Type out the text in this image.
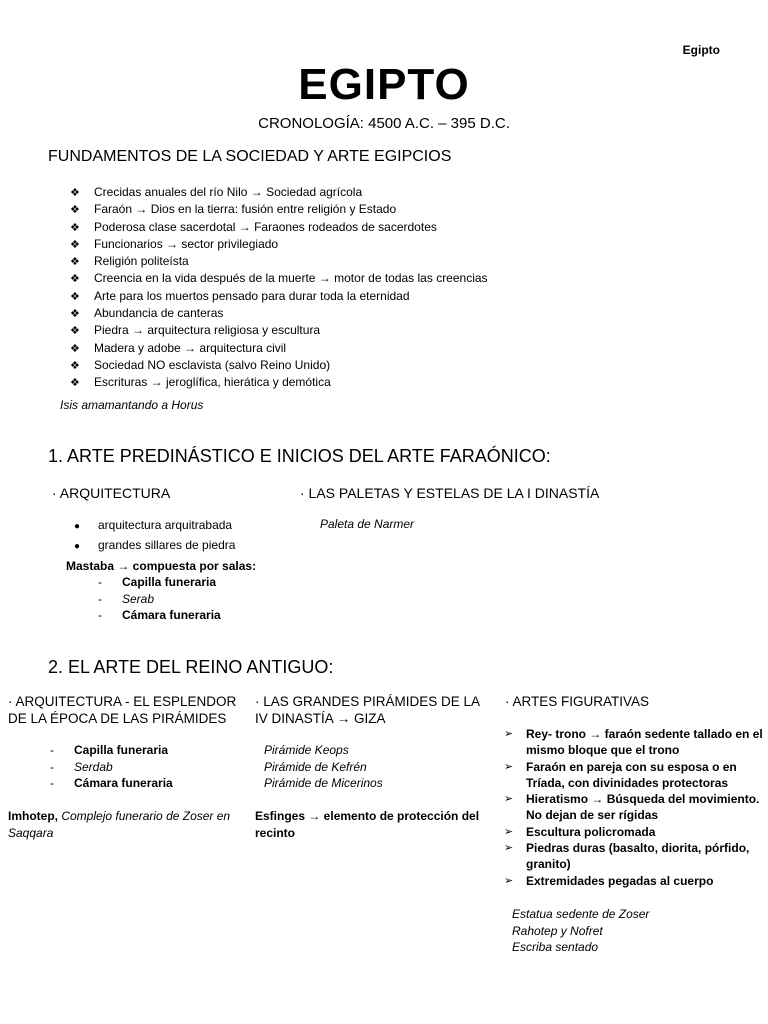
Egipto
EGIPTO
CRONOLOGÍA: 4500 A.C. – 395 D.C.
FUNDAMENTOS DE LA SOCIEDAD Y ARTE EGIPCIOS
❖ Crecidas anuales del río Nilo → Sociedad agrícola
❖ Faraón → Dios en la tierra: fusión entre religión y Estado
❖ Poderosa clase sacerdotal → Faraones rodeados de sacerdotes
❖ Funcionarios → sector privilegiado
❖ Religión politeísta
❖ Creencia en la vida después de la muerte → motor de todas las creencias
❖ Arte para los muertos pensado para durar toda la eternidad
❖ Abundancia de canteras
❖ Piedra → arquitectura religiosa y escultura
❖ Madera y adobe → arquitectura civil
❖ Sociedad NO esclavista (salvo Reino Unido)
❖ Escrituras → jeroglífica, hierática y demótica
Isis amamantando a Horus
1. ARTE PREDINÁSTICO E INICIOS DEL ARTE FARAÓNICO:
· ARQUITECTURA	· LAS PALETAS Y ESTELAS DE LA I DINASTÍA
Paleta de Narmer
● arquitectura arquitrabada
● grandes sillares de piedra
Mastaba → compuesta por salas:
- Capilla funeraria
- Serab
- Cámara funeraria
2. EL ARTE DEL REINO ANTIGUO:
· ARQUITECTURA - EL ESPLENDOR DE LA ÉPOCA DE LAS PIRÁMIDES
- Capilla funeraria
- Serdab
- Cámara funeraria
Imhotep, Complejo funerario de Zoser en Saqqara
· LAS GRANDES PIRÁMIDES DE LA IV DINASTÍA → GIZA
Pirámide Keops
Pirámide de Kefrén
Pirámide de Micerinos
Esfinges → elemento de protección del recinto
· ARTES FIGURATIVAS
➢ Rey- trono → faraón sedente tallado en el mismo bloque que el trono
➢ Faraón en pareja con su esposa o en Tríada, con divinidades protectoras
➢ Hieratismo → Búsqueda del movimiento. No dejan de ser rígidas
➢ Escultura policromada
➢ Piedras duras (basalto, diorita, pórfido, granito)
➢ Extremidades pegadas al cuerpo
Estatua sedente de Zoser
Rahotep y Nofret
Escriba sentado
